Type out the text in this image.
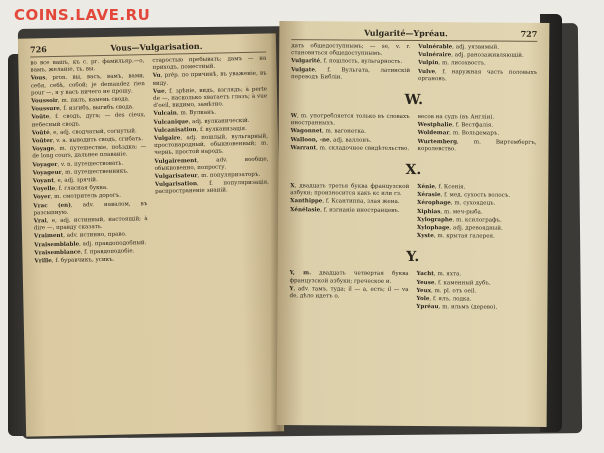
COINS.LAVE.RU
726	Vous—Vulgarisation.

во все вашъ, къ с. рг. фамильяр.—о, вамъ, желаніе, ть, вы.

Vous, pron. вы, васъ, вамъ, вами, себя, себѣ, собой; je demandez rien pour —, я у васъ ничего не прошу.

Voussoir, m. пилъ, камень свода.

Voussure, f. изгибъ, выгибъ свода.

Voûte, f. сводъ, дуга; — des cieux, небесный сводъ.

Voûté, e, adj. сводчатый, согнутый.

Voûter, v. a. выводить сводъ, сгибать.

Voyage, m. путешествіе, поѣздка; — de long cours, дальнее плаваніе.

Voyager, v. n. путешествовать.

Voyageur, m. путешественникъ.

Voyant, e, adj. зрячій.

Voyelle, f. гласная буква.

Voyer, m. смотритель дорогъ.

Vrac (en), adv. навалом, въ разсыпную.

Vrai, e, adj. истинный, настоящій; à dire —, правду сказать.

Vraiment, adv. истинно, право.

Vraisemblable, adj. правдоподобный.

Vraisemblance, f. правдоподобіе.

Vrille, f. буравчикъ, усикъ.

старостью пребывать; дамъ — на приходъ, поместный.

Vu, prép. по причинѣ, въ уваженіе, въ виду.

Vue, f. зрѣніе, видъ, взглядъ; à perte de —, насколько хватаетъ глазъ; à vue d'oeil, видимо, замѣтно.

Vulcain, m. Вулканъ.

Vulcanique, adj. вулканическій.

Vulcanisation, f. вулканизація.

Vulgaire, adj. пошлый, вульгарный, простонародный, обыкновенный; m. чернь, простой народъ.

Vulgairement, adv. вообще, обыкновенно, попросту.

Vulgarisateur, m. популяризаторъ.

Vulgarisation, f. популяризація, распространеніе знаній.

Vulgarité—Ypréau.	727

дать общедоступнымъ; — se, v. r. становиться общедоступнымъ.

Vulgarité, f. пошлость, вульгарность.

Vulgate, f. Вульгата, латинскій переводъ Библіи.

Vulnérable, adj. уязвимый.

Vulnéraire, adj. ранозаживляющій.

Vulpin, m. лисохвостъ.

Vulve, f. наружная часть половыхъ органовъ.

W.

W, m. употребляется только въ словахъ иностранныхъ.

Wagonnet, m. вагонетка.

Walloon, -ne, adj. валлонъ.

Warrant, m. складочное свидѣтельство.

весов на судъ (въ Англіи).

Westphalie, f. Вестфалія.

Woldemar, m. Вольдемаръ.

Wurtemberg, m. Виртембергъ, королевство.

X.

X, двадцать третья буква французской азбуки; произносится какъ кс или гз.

Xanthippe, f. Ксантиппа, злая жена.

Xénélasie, f. изгнаніе иностранцевъ.

Xénie, f. Ксенія.

Xérasie, f. мед. сухость волосъ.

Xérophage, m. сухоядецъ.

Xiphias, m. меч-рыба.

Xylographe, m. ксилографъ.

Xylophage, adj. древоядный.

Xyste, m. крытая галерея.

Y.

Y, m. двадцать четвертая буква французской азбуки; греческое и.

Y, adv. тамъ, туда; il — a, есть; il — va de, дѣло идетъ о.

Yacht, m. яхта.

Yeuse, f. каменный дубъ.

Yeux, m. pl. отъ oeil.

Yole, f. ялъ, лодка.

Ypréau, m. ильмъ (дерево).
